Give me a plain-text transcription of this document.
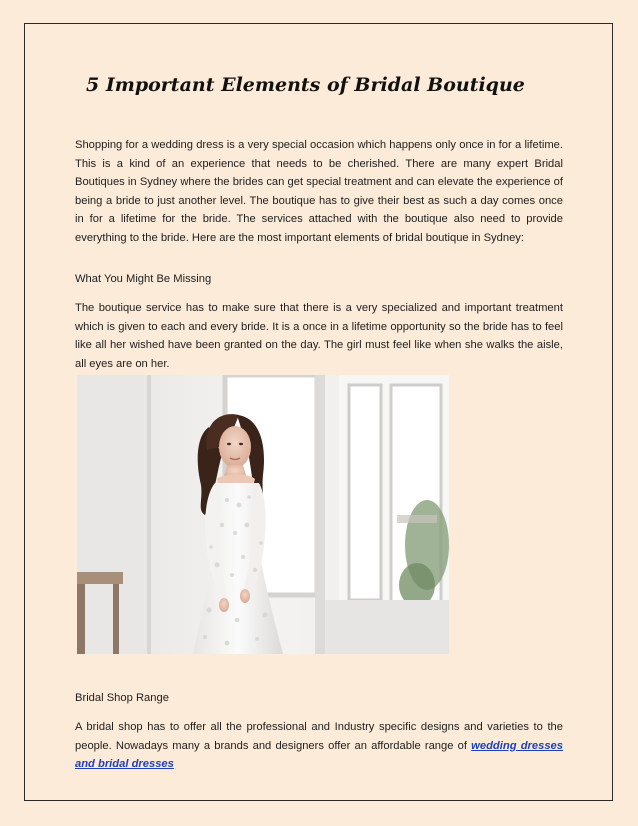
5 Important Elements of Bridal Boutique

Shopping for a wedding dress is a very special occasion which happens only once in for a lifetime. This is a kind of an experience that needs to be cherished. There are many expert Bridal Boutiques in Sydney where the brides can get special treatment and can elevate the experience of being a bride to just another level. The boutique has to give their best as such a day comes once in for a lifetime for the bride. The services attached with the boutique also need to provide everything to the bride. Here are the most important elements of bridal boutique in Sydney:

What You Might Be Missing

The boutique service has to make sure that there is a very specialized and important treatment which is given to each and every bride. It is a once in a lifetime opportunity so the bride has to feel like all her wished have been granted on the day. The girl must feel like when she walks the aisle, all eyes are on her.

Bridal Shop Range

A bridal shop has to offer all the professional and Industry specific designs and varieties to the people. Nowadays many a brands and designers offer an affordable range of wedding dresses and bridal dresses
